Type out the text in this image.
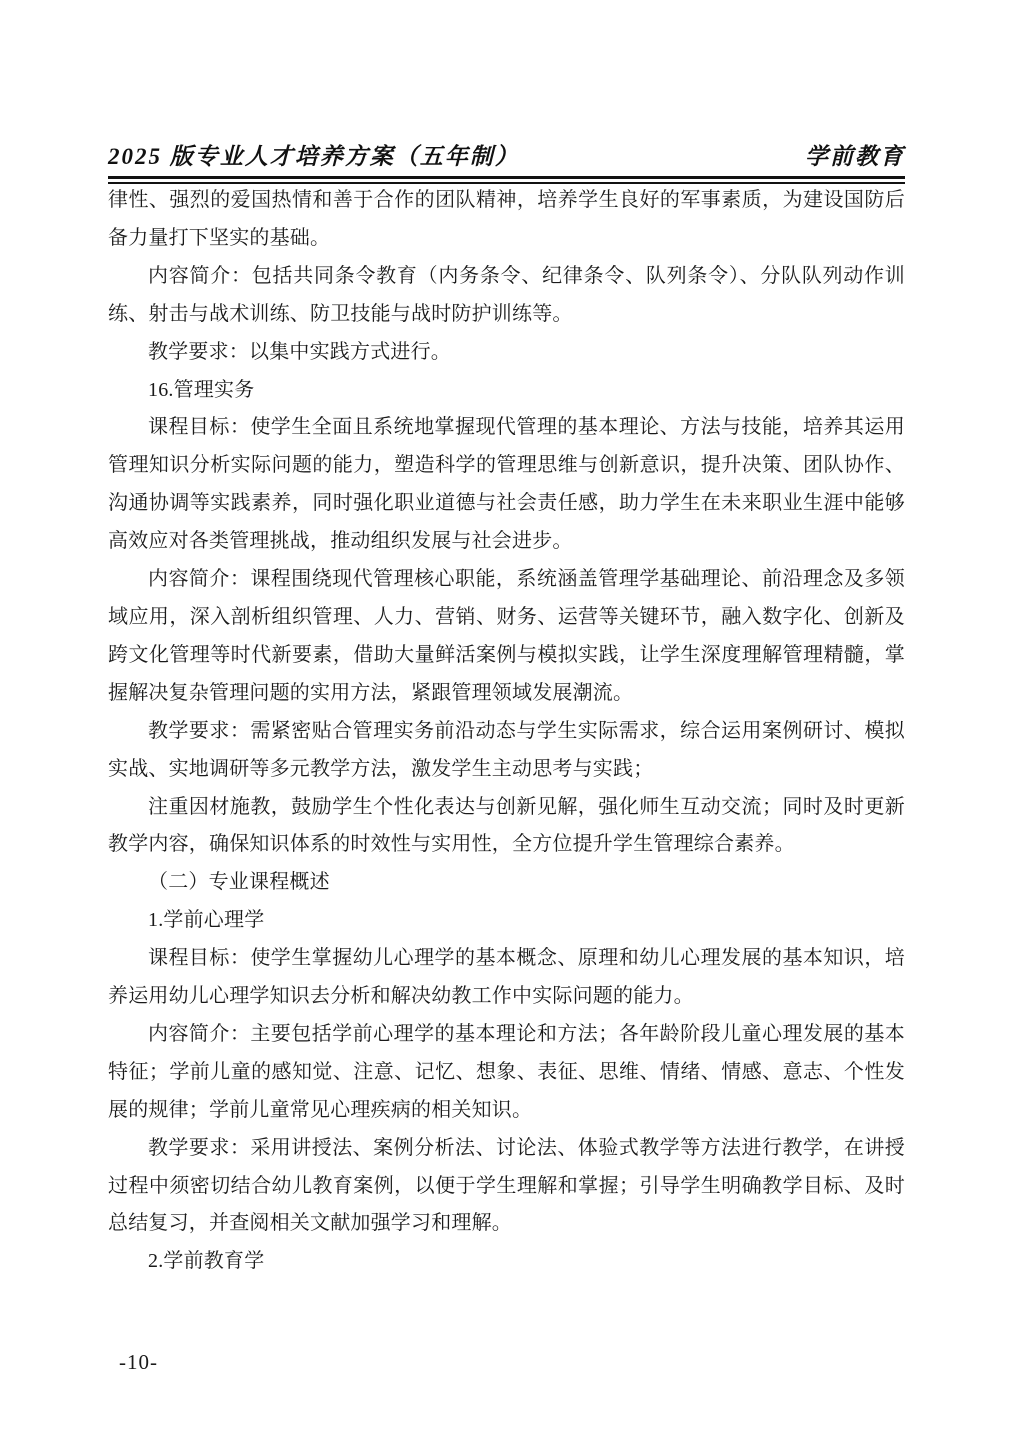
2025 版专业人才培养方案（五年制）	学前教育

律性、强烈的爱国热情和善于合作的团队精神，培养学生良好的军事素质，为建设国防后备力量打下坚实的基础。

内容简介：包括共同条令教育（内务条令、纪律条令、队列条令）、分队队列动作训练、射击与战术训练、防卫技能与战时防护训练等。

教学要求：以集中实践方式进行。

16.管理实务

课程目标：使学生全面且系统地掌握现代管理的基本理论、方法与技能，培养其运用管理知识分析实际问题的能力，塑造科学的管理思维与创新意识，提升决策、团队协作、沟通协调等实践素养，同时强化职业道德与社会责任感，助力学生在未来职业生涯中能够高效应对各类管理挑战，推动组织发展与社会进步。

内容简介：课程围绕现代管理核心职能，系统涵盖管理学基础理论、前沿理念及多领域应用，深入剖析组织管理、人力、营销、财务、运营等关键环节，融入数字化、创新及跨文化管理等时代新要素，借助大量鲜活案例与模拟实践，让学生深度理解管理精髓，掌握解决复杂管理问题的实用方法，紧跟管理领域发展潮流。

教学要求：需紧密贴合管理实务前沿动态与学生实际需求，综合运用案例研讨、模拟实战、实地调研等多元教学方法，激发学生主动思考与实践；

注重因材施教，鼓励学生个性化表达与创新见解，强化师生互动交流；同时及时更新教学内容，确保知识体系的时效性与实用性，全方位提升学生管理综合素养。

（二）专业课程概述

1.学前心理学

课程目标：使学生掌握幼儿心理学的基本概念、原理和幼儿心理发展的基本知识，培养运用幼儿心理学知识去分析和解决幼教工作中实际问题的能力。

内容简介：主要包括学前心理学的基本理论和方法；各年龄阶段儿童心理发展的基本特征；学前儿童的感知觉、注意、记忆、想象、表征、思维、情绪、情感、意志、个性发展的规律；学前儿童常见心理疾病的相关知识。

教学要求：采用讲授法、案例分析法、讨论法、体验式教学等方法进行教学，在讲授过程中须密切结合幼儿教育案例，以便于学生理解和掌握；引导学生明确教学目标、及时总结复习，并查阅相关文献加强学习和理解。

2.学前教育学

-10-
